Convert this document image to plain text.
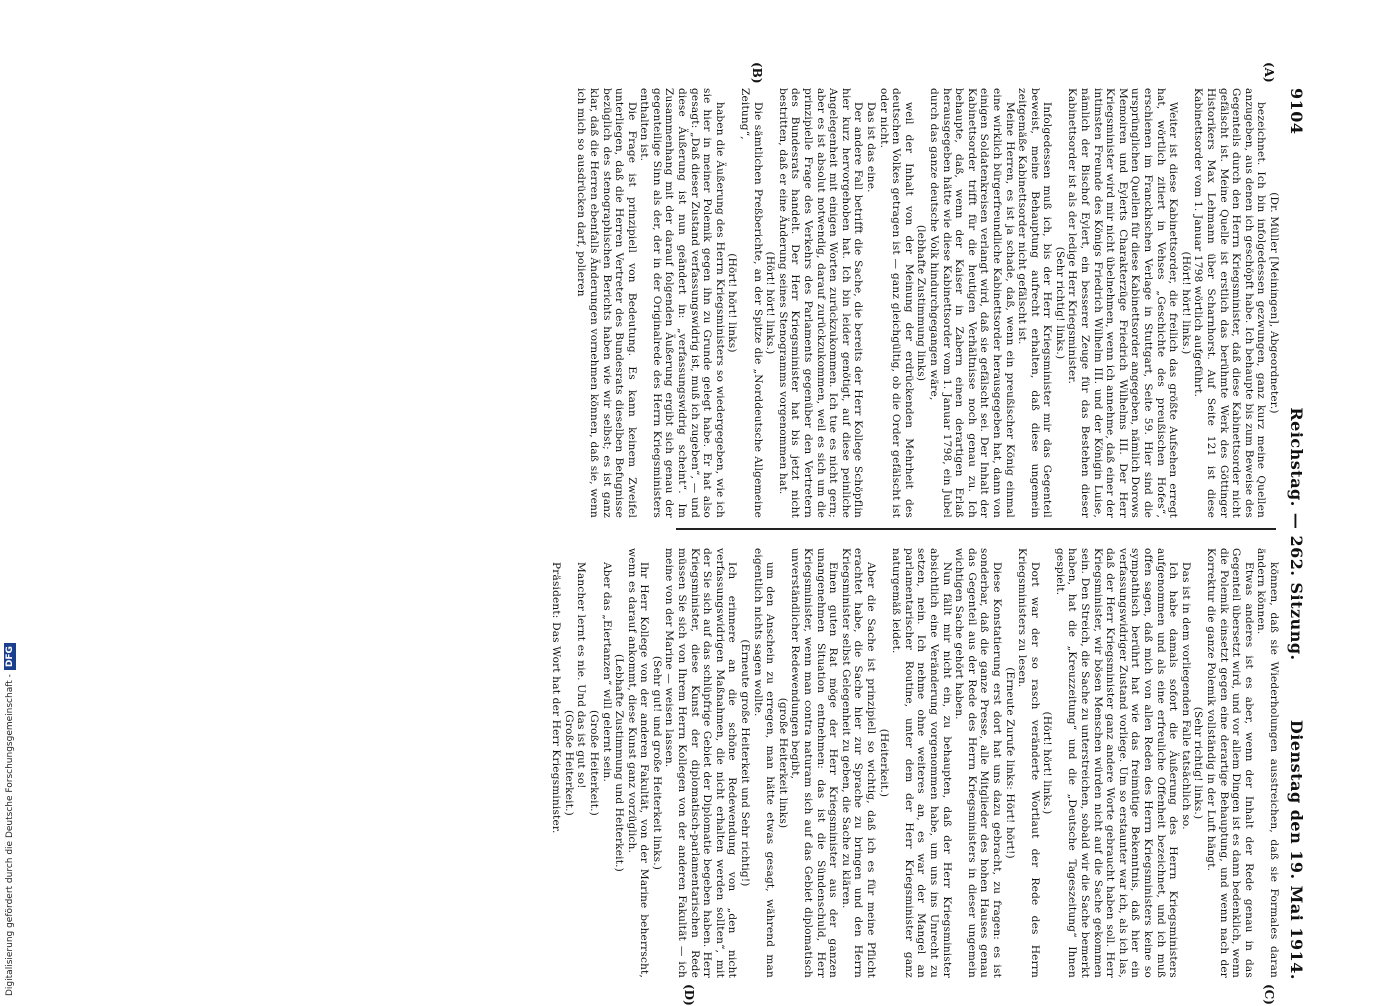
9104
Reichstag. — 262. Sitzung.
Dienstag den 19. Mai 1914.
(A)
(B)
(C)
(D)

(Dr. Müller [Meiningen], Abgeordneter.)

bezeichnet. Ich bin infolgedessen gezwungen, ganz kurz meine Quellen anzugeben, aus denen ich geschöpft habe. Ich behaupte bis zum Beweise des Gegenteils durch den Herrn Kriegsminister, daß diese Kabinettsorder nicht gefälscht ist. Meine Quelle ist erstlich das berühmte Werk des Göttinger Historikers Max Lehmann über Scharnhorst. Auf Seite 121 ist diese Kabinettsorder vom 1. Januar 1798 wörtlich aufgeführt.

(Hört! hört! links.)

Weiter ist diese Kabinettsorder, die freilich das größte Aufsehen erregt hat, wörtlich zitiert in Vehses „Geschichte des preußischen Hofes“, erschienen im Franckhschen Verlage in Stuttgart, Seite 59. Hier sind die ursprünglichen Quellen für diese Kabinettsorder angegeben, nämlich Dorows Memoiren und Eylerts Charakterzüge Friedrich Wilhelms III. Der Herr Kriegsminister wird mir nicht übelnehmen, wenn ich annehme, daß einer der intimsten Freunde des Königs Friedrich Wilhelm III. und der Königin Luise, nämlich der Bischof Eylert, ein besserer Zeuge für das Bestehen dieser Kabinettsorder ist als der ledige Herr Kriegsminister.

(Sehr richtig! links.)

Infolgedessen muß ich, bis der Herr Kriegsminister mir das Gegenteil beweist, meine Behauptung aufrecht erhalten, daß diese ungemein zeitgemäße Kabinettsorder nicht gefälscht ist.

Meine Herren, es ist ja schade, daß, wenn ein preußischer König einmal eine wirklich bürgerfreundliche Kabinettsorder herausgegeben hat, dann von einigen Soldatenkreisen verlangt wird, daß sie gefälscht sei. Der Inhalt der Kabinettsorder trifft für die heutigen Verhältnisse noch genau zu. Ich behaupte, daß, wenn der Kaiser in Zabern einen derartigen Erlaß herausgegeben hätte wie diese Kabinettsorder vom 1. Januar 1798, ein Jubel durch das ganze deutsche Volk hindurchgegangen wäre,

(lebhafte Zustimmung links)

weil der Inhalt von der Meinung der erdrückenden Mehrheit des deutschen Volkes getragen ist — ganz gleichgültig, ob die Order gefälscht ist oder nicht.

Das ist das eine.

Der andere Fall betrifft die Sache, die bereits der Herr Kollege Schöpflin hier kurz hervorgehoben hat. Ich bin leider genötigt, auf diese peinliche Angelegenheit mit einigen Worten zurückzukommen. Ich tue es nicht gern; aber es ist absolut notwendig, darauf zurückzukommen, weil es sich um die prinzipielle Frage des Verkehrs des Parlaments gegenüber den Vertretern des Bundesrats handelt. Der Herr Kriegsminister hat bis jetzt nicht bestritten, daß er eine Änderung seines Stenogramms vorgenommen hat.

(Hört! hört! links.)

Die sämtlichen Preßberichte, an der Spitze die „Norddeutsche Allgemeine Zeitung“,

(Hört! hört! links)

haben die Äußerung des Herrn Kriegsministers so wiedergegeben, wie ich sie hier in meiner Polemik gegen ihn zu Grunde gelegt habe. Er hat also gesagt: „Daß dieser Zustand verfassungswidrig ist, muß ich zugeben“, — und diese Äußerung ist nun geändert in: „verfassungswidrig scheint“. Im Zusammenhang mit der darauf folgenden Äußerung ergibt sich genau der gegenteilige Sinn als der, der in der Originalrede des Herrn Kriegsministers enthalten ist.

Die Frage ist prinzipiell von Bedeutung. Es kann keinem Zweifel unterliegen, daß die Herren Vertreter des Bundesrats dieselben Befugnisse bezüglich des stenographischen Berichts haben wie wir selbst; es ist ganz klar, daß die Herren ebenfalls Änderungen vornehmen können, daß sie, wenn ich mich so ausdrücken darf, polieren

können, daß sie Wiederholungen ausstreichen, daß sie Formales daran ändern können.

Etwas anderes ist es aber, wenn der Inhalt der Rede genau in das Gegenteil übersetzt wird, und vor allem Dingen ist es dann bedenklich, wenn die Polemik einsetzt gegen eine derartige Behauptung, und wenn nach der Korrektur die ganze Polemik vollständig in der Luft hängt.

(Sehr richtig! links.)

Das ist in dem vorliegenden Falle tatsächlich so.

Ich habe damals sofort die Äußerung des Herrn Kriegsministers aufgenommen und als eine erfreuliche Offenheit bezeichnet, und ich muß offen sagen, daß mich von allen Reden des Herrn Kriegsministers keine so sympathisch berührt hat wie das freimütige Bekenntnis, daß hier ein verfassungswidriger Zustand vorliege. Um so erstaunter war ich, als ich las, daß der Herr Kriegsminister ganz andere Worte gebraucht haben soll. Herr Kriegsminister, wir bösen Menschen würden nicht auf die Sache gekommen sein. Den Streich, die Sache zu unterstreichen, sobald wir die Sache bemerkt haben, hat die „Kreuzzeitung“ und die „Deutsche Tageszeitung“ Ihnen gespielt.

(Hört! hört! links.)

Dort war der so rasch veränderte Wortlaut der Rede des Herrn Kriegsministers zu lesen.

(Erneute Zurufe links: Hört! hört!)

Diese Konstatierung erst dort hat uns dazu gebracht, zu fragen: es ist sonderbar, daß die ganze Presse, alle Mitglieder des hohen Hauses genau das Gegenteil aus der Rede des Herrn Kriegsministers in dieser ungemein wichtigen Sache gehört haben.

Nun fällt mir nicht ein, zu behaupten, daß der Herr Kriegsminister absichtlich eine Veränderung vorgenommen habe, um uns ins Unrecht zu setzen, nein. Ich nehme ohne weiteres an, es war der Mangel an parlamentarischer Routine, unter dem der Herr Kriegsminister ganz naturgemäß leidet.

(Heiterkeit.)

Aber die Sache ist prinzipiell so wichtig, daß ich es für meine Pflicht erachtet habe, die Sache hier zur Sprache zu bringen und den Herrn Kriegsminister selbst Gelegenheit zu geben, die Sache zu klären.

Einen guten Rat möge der Herr Kriegsminister aus der ganzen unangenehmen Situation entnehmen: das ist die Sündenschuld, Herr Kriegsminister, wenn man contra naturam sich auf das Gebiet diplomatisch unverständlicher Redewendungen begibt,

(große Heiterkeit links)

um den Anschein zu erregen, man hätte etwas gesagt, während man eigentlich nichts sagen wollte.

(Erneute große Heiterkeit und Sehr richtig!)

Ich erinnere an die schöne Redewendung von „den nicht verfassungswidrigen Maßnahmen, die nicht erhalten werden sollten“, mit der Sie sich auf das schlüpfrige Gebiet der Diplomatie begeben haben. Herr Kriegsminister, diese Kunst der diplomatisch-parlamentarischen Rede müssen Sie sich von Ihrem Herrn Kollegen von der anderen Fakultät — ich meine von der Marine — weisen lassen.

(Sehr gut! und große Heiterkeit links.)

Ihr Herr Kollege von der anderen Fakultät, von der Marine beherrscht, wenn es darauf ankommt, diese Kunst ganz vorzüglich.

(Lebhafte Zustimmung und Heiterkeit.)

Aber das „Eiertanzen“ will gelernt sein.

(Große Heiterkeit.)

Mancher lernt es nie. Und das ist gut so!

(Große Heiterkeit.)

Präsident: Das Wort hat der Herr Kriegsminister.

Digitalisierung gefördert durch die Deutsche Forschungsgemeinschaft -DFG
